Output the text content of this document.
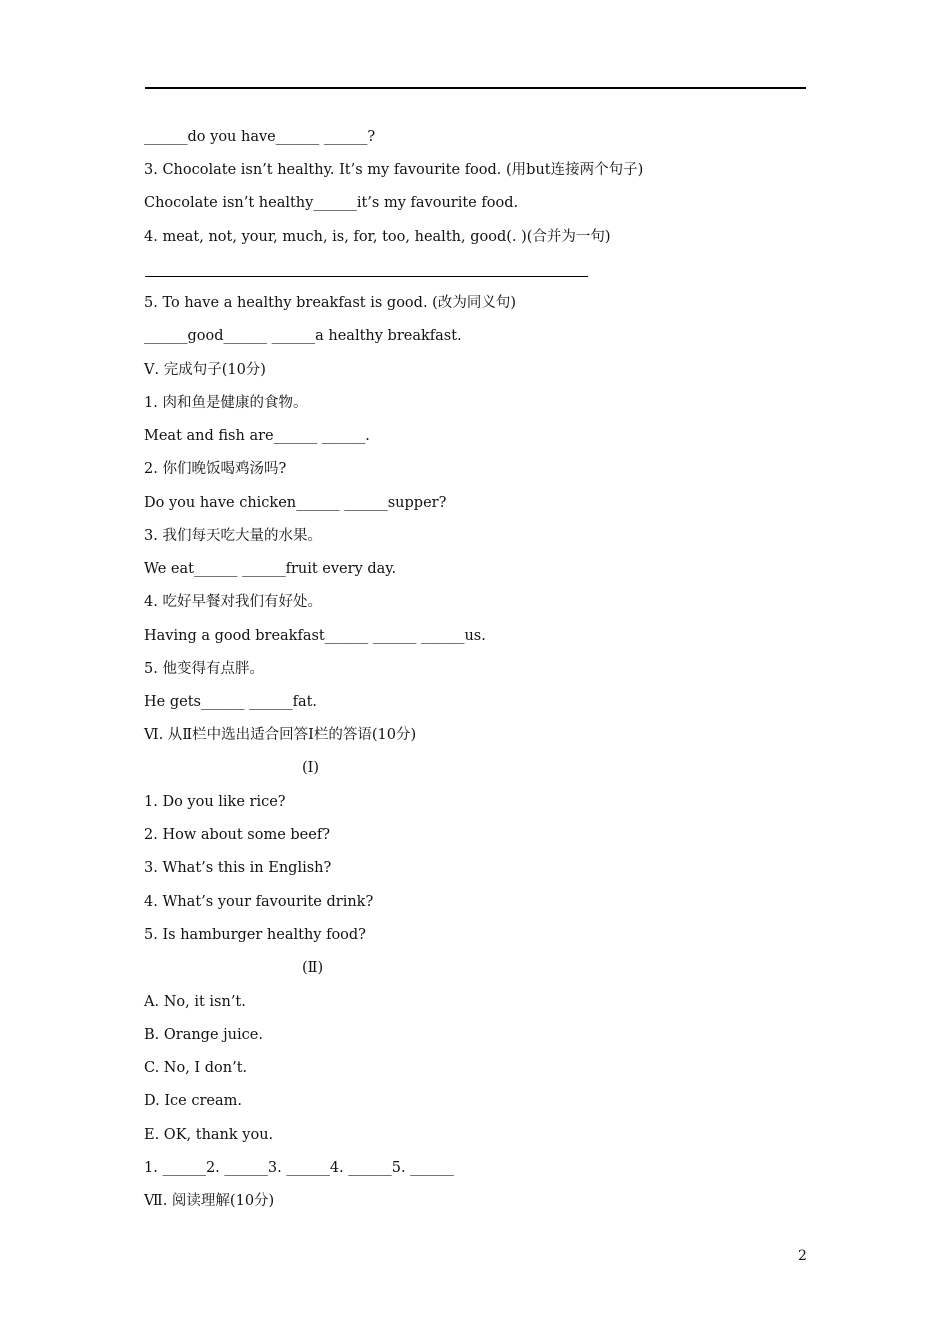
______do you have______ ______?

3. Chocolate isn’t healthy. It’s my favourite food. (用but连接两个句子)

Chocolate isn’t healthy______it’s my favourite food.

4. meat, not, your, much, is, for, too, health, good(. )(合并为一句)

5. To have a healthy breakfast is good. (改为同义句)

______good______ ______a healthy breakfast.

Ⅴ. 完成句子(10分)

1. 肉和鱼是健康的食物。

Meat and fish are______ ______.

2. 你们晚饭喝鸡汤吗?

Do you have chicken______ ______supper?

3. 我们每天吃大量的水果。

We eat______ ______fruit every day.

4. 吃好早餐对我们有好处。

Having a good breakfast______ ______ ______us.

5. 他变得有点胖。

He gets______ ______fat.

Ⅵ. 从Ⅱ栏中选出适合回答Ⅰ栏的答语(10分)

(Ⅰ)

1. Do you like rice?

2. How about some beef?

3. What’s this in English?

4. What’s your favourite drink?

5. Is hamburger healthy food?

(Ⅱ)

A. No, it isn’t.

B. Orange juice.

C. No, I don’t.

D. Ice cream.

E. OK, thank you.

1. ______2. ______3. ______4. ______5. ______

Ⅶ. 阅读理解(10分)

2
